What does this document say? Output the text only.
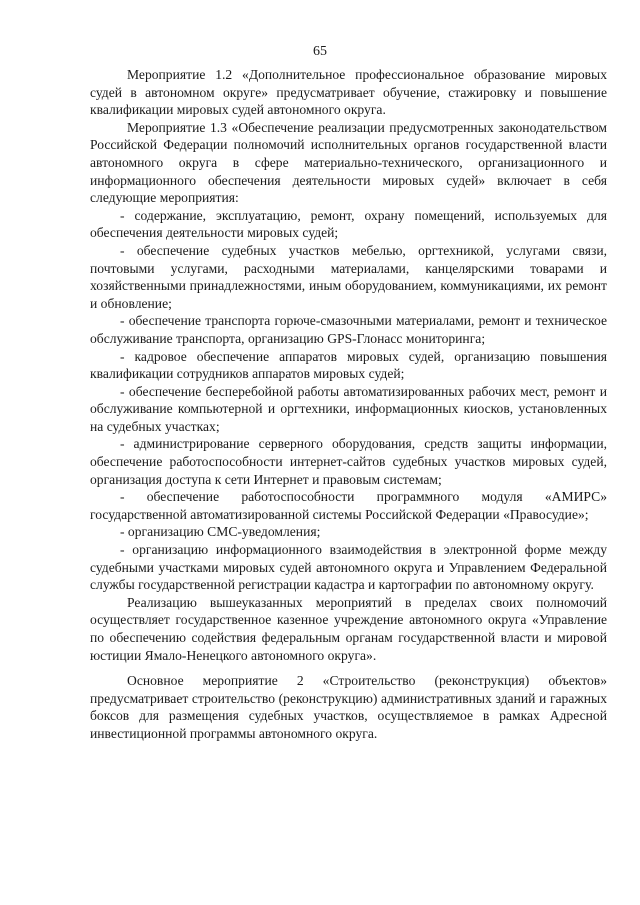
65

Мероприятие 1.2 «Дополнительное профессиональное образование мировых судей в автономном округе» предусматривает обучение, стажировку и повышение квалификации мировых судей автономного округа.

Мероприятие 1.3 «Обеспечение реализации предусмотренных законодательством Российской Федерации полномочий исполнительных органов государственной власти автономного округа в сфере материально-технического, организационного и информационного обеспечения деятельности мировых судей» включает в себя следующие мероприятия:

- содержание, эксплуатацию, ремонт, охрану помещений, используемых для обеспечения деятельности мировых судей;

- обеспечение судебных участков мебелью, оргтехникой, услугами связи, почтовыми услугами, расходными материалами, канцелярскими товарами и хозяйственными принадлежностями, иным оборудованием, коммуникациями, их ремонт и обновление;

- обеспечение транспорта горюче-смазочными материалами, ремонт и техническое обслуживание транспорта, организацию GPS-Глонасс мониторинга;

- кадровое обеспечение аппаратов мировых судей, организацию повышения квалификации сотрудников аппаратов мировых судей;

- обеспечение бесперебойной работы автоматизированных рабочих мест, ремонт и обслуживание компьютерной и оргтехники, информационных киосков, установленных на судебных участках;

- администрирование серверного оборудования, средств защиты информации, обеспечение работоспособности интернет-сайтов судебных участков мировых судей, организация доступа к сети Интернет и правовым системам;

- обеспечение работоспособности программного модуля «АМИРС» государственной автоматизированной системы Российской Федерации «Правосудие»;

- организацию СМС-уведомления;

- организацию информационного взаимодействия в электронной форме между судебными участками мировых судей автономного округа и Управлением Федеральной службы государственной регистрации кадастра и картографии по автономному округу.

Реализацию вышеуказанных мероприятий в пределах своих полномочий осуществляет государственное казенное учреждение автономного округа «Управление по обеспечению содействия федеральным органам государственной власти и мировой юстиции Ямало-Ненецкого автономного округа».

Основное мероприятие 2 «Строительство (реконструкция) объектов» предусматривает строительство (реконструкцию) административных зданий и гаражных боксов для размещения судебных участков, осуществляемое в рамках Адресной инвестиционной программы автономного округа.
